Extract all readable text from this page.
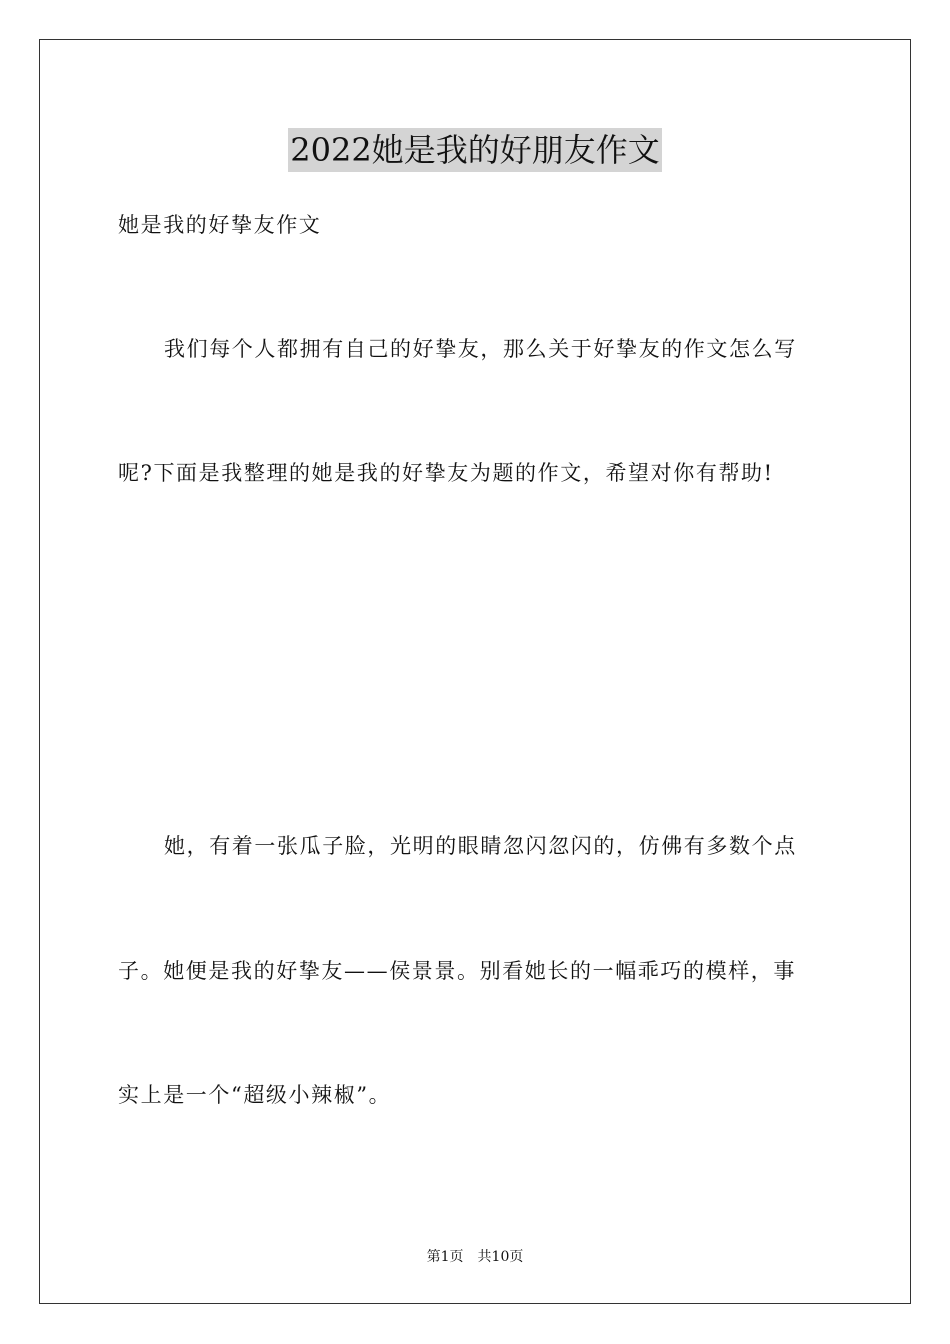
2022她是我的好朋友作文
她是我的好挚友作文
我们每个人都拥有自己的好挚友，那么关于好挚友的作文怎么写
呢?下面是我整理的她是我的好挚友为题的作文，希望对你有帮助!
她，有着一张瓜子脸，光明的眼睛忽闪忽闪的，仿佛有多数个点
子。她便是我的好挚友——侯景景。别看她长的一幅乖巧的模样，事
实上是一个“超级小辣椒”。
第1页 共10页
